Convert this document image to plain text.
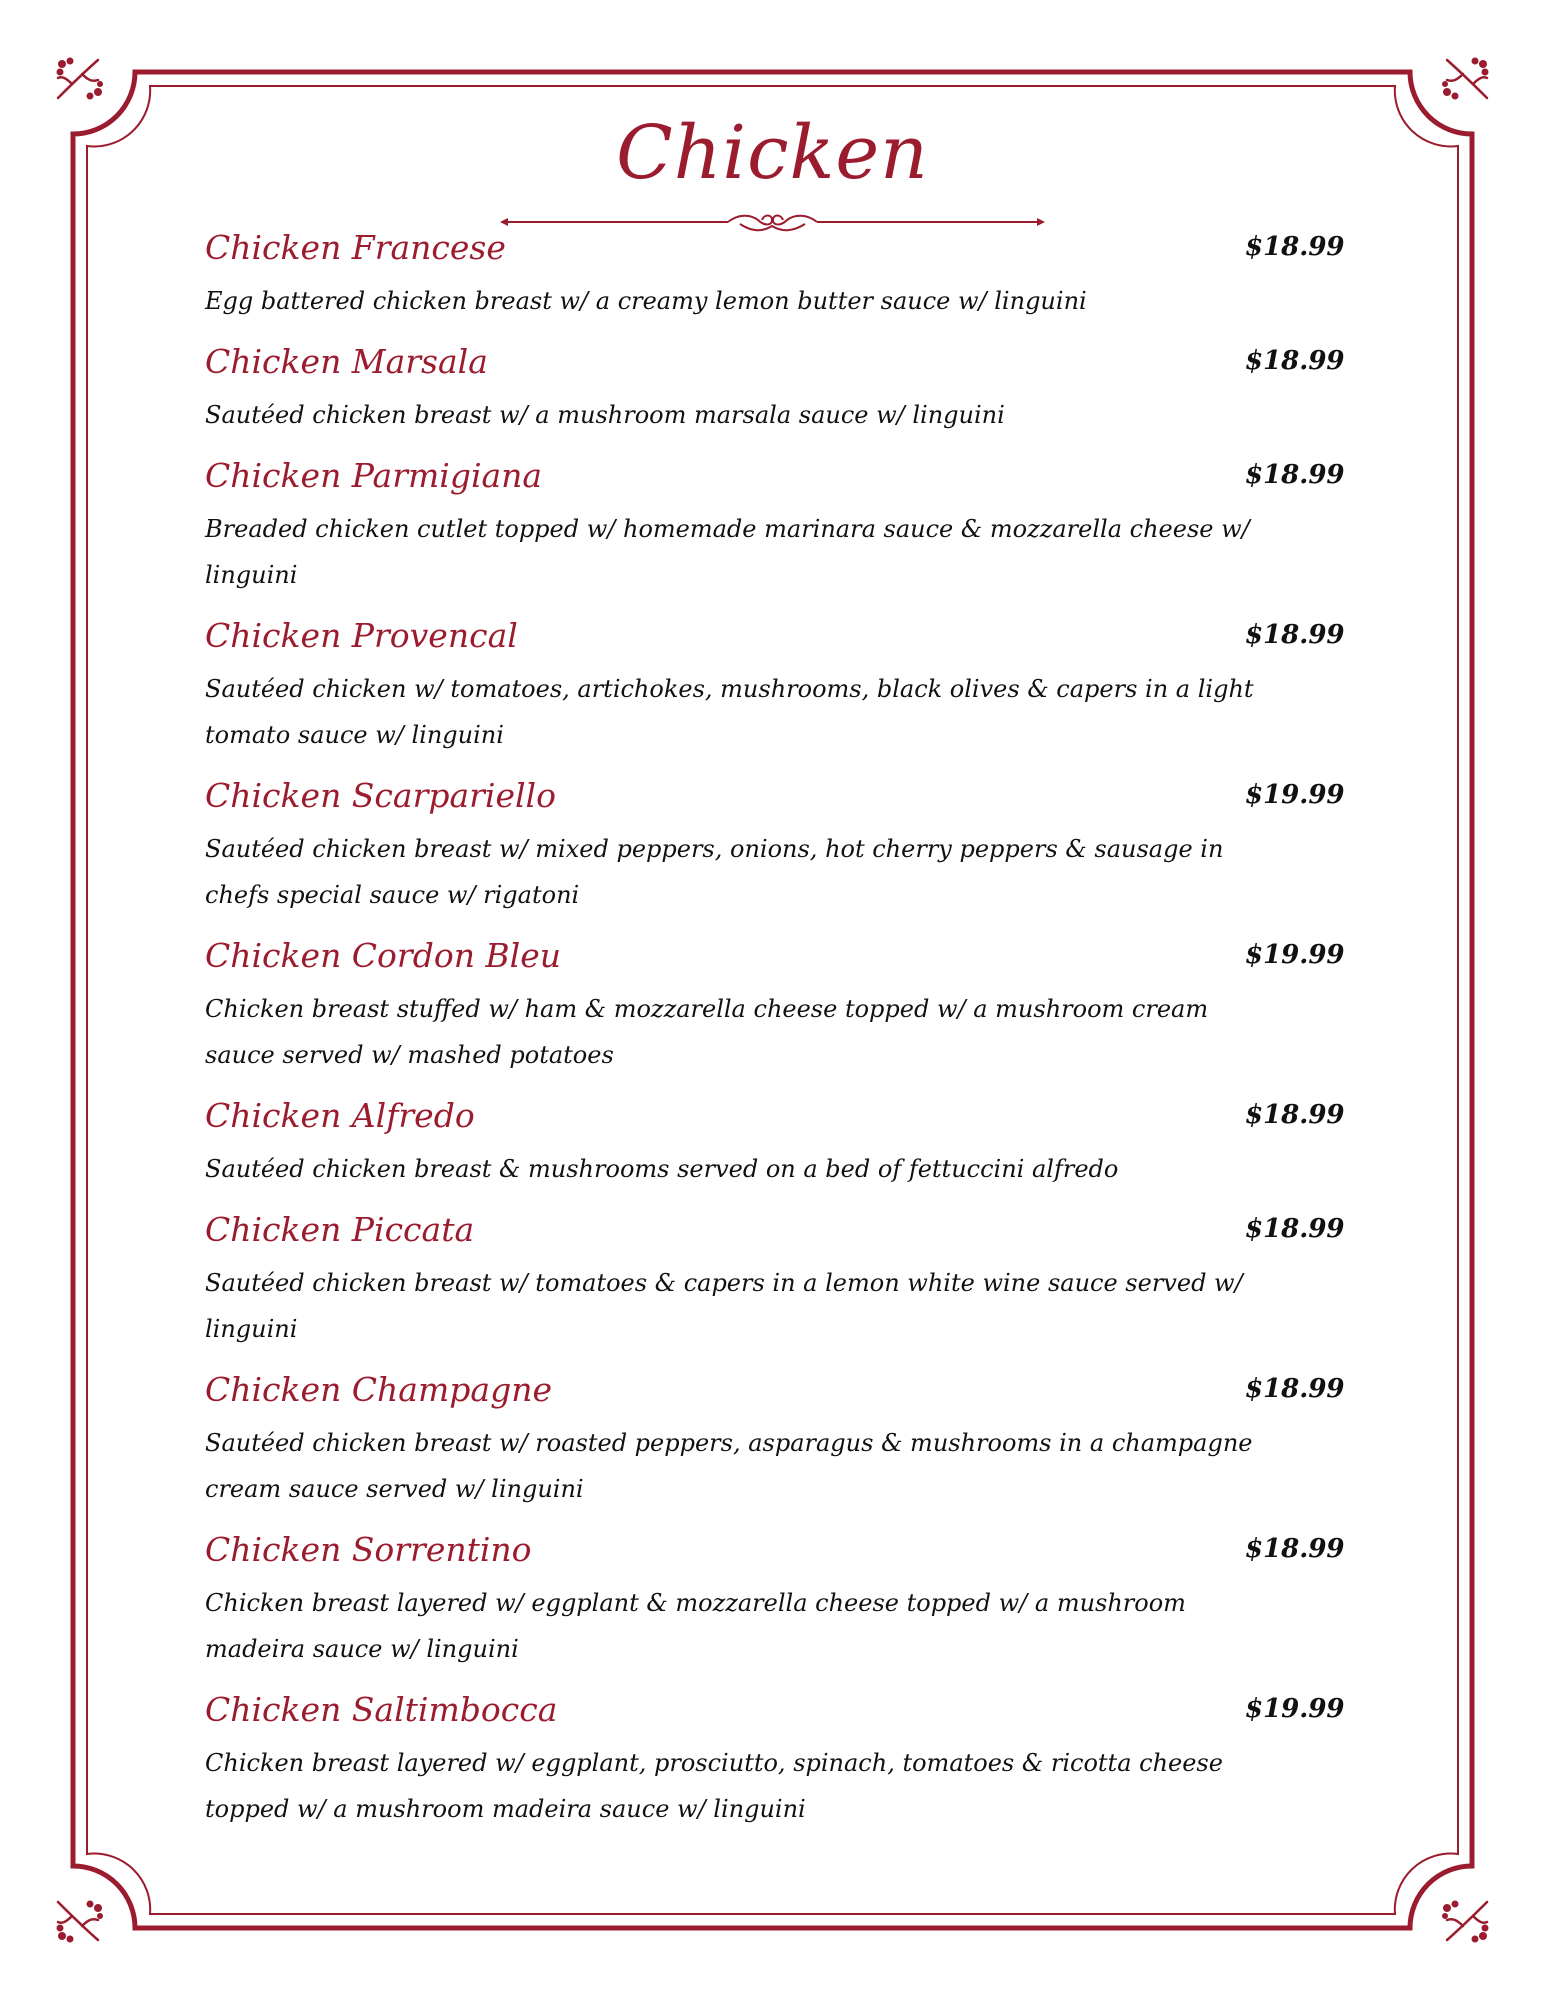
Chicken
Chicken Francese	$18.99
Egg battered chicken breast w/ a creamy lemon butter sauce w/ linguini
Chicken Marsala	$18.99
Sautéed chicken breast w/ a mushroom marsala sauce w/ linguini
Chicken Parmigiana	$18.99
Breaded chicken cutlet topped w/ homemade marinara sauce & mozzarella cheese w/
linguini
Chicken Provencal	$18.99
Sautéed chicken w/ tomatoes, artichokes, mushrooms, black olives & capers in a light
tomato sauce w/ linguini
Chicken Scarpariello	$19.99
Sautéed chicken breast w/ mixed peppers, onions, hot cherry peppers & sausage in
chefs special sauce w/ rigatoni
Chicken Cordon Bleu	$19.99
Chicken breast stuffed w/ ham & mozzarella cheese topped w/ a mushroom cream
sauce served w/ mashed potatoes
Chicken Alfredo	$18.99
Sautéed chicken breast & mushrooms served on a bed of fettuccini alfredo
Chicken Piccata	$18.99
Sautéed chicken breast w/ tomatoes & capers in a lemon white wine sauce served w/
linguini
Chicken Champagne	$18.99
Sautéed chicken breast w/ roasted peppers, asparagus & mushrooms in a champagne
cream sauce served w/ linguini
Chicken Sorrentino	$18.99
Chicken breast layered w/ eggplant & mozzarella cheese topped w/ a mushroom
madeira sauce w/ linguini
Chicken Saltimbocca	$19.99
Chicken breast layered w/ eggplant, prosciutto, spinach, tomatoes & ricotta cheese
topped w/ a mushroom madeira sauce w/ linguini
